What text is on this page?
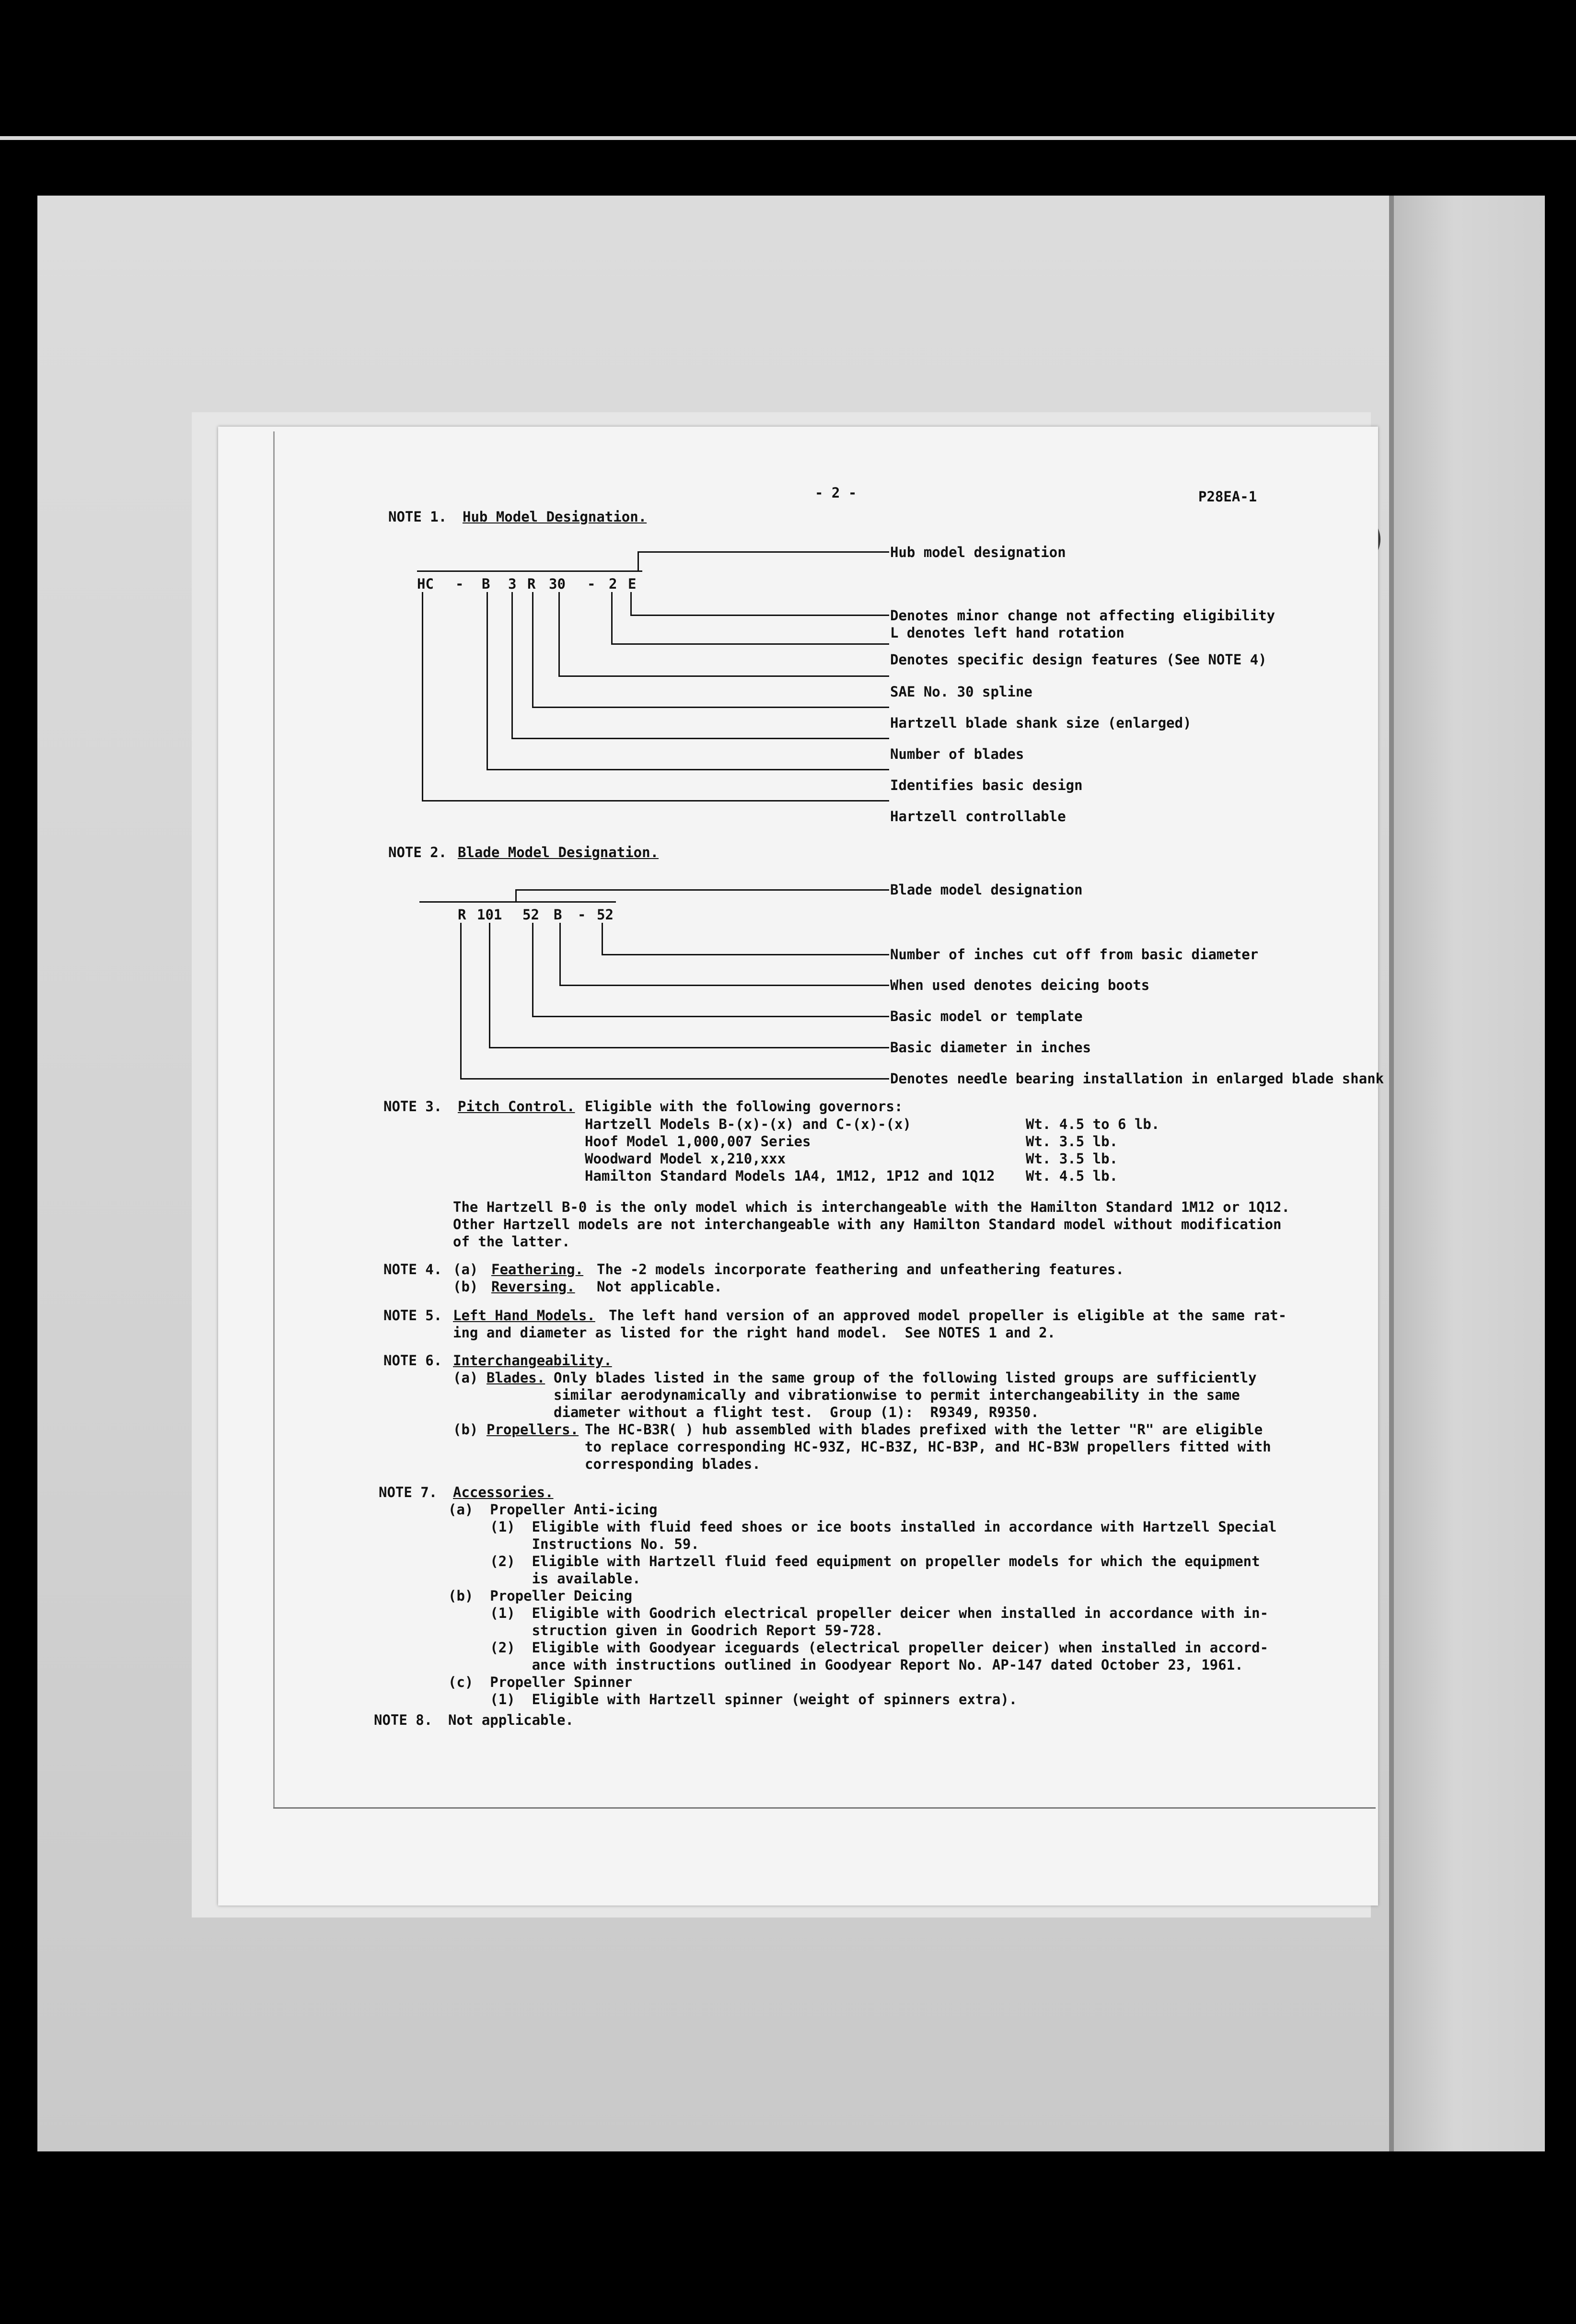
- 2 -	P28EA-1
NOTE 1. Hub Model Designation.
HC - B 3 R 30 - 2 E
Hub model designation
Denotes minor change not affecting eligibility
L denotes left hand rotation
Denotes specific design features (See NOTE 4)
SAE No. 30 spline
Hartzell blade shank size (enlarged)
Number of blades
Identifies basic design
Hartzell controllable
NOTE 2. Blade Model Designation.
R 101 52 B - 52
Blade model designation
Number of inches cut off from basic diameter
When used denotes deicing boots
Basic model or template
Basic diameter in inches
Denotes needle bearing installation in enlarged blade shank
NOTE 3. Pitch Control. Eligible with the following governors:
Hartzell Models B-(x)-(x) and C-(x)-(x)	Wt. 4.5 to 6 lb.
Hoof Model 1,000,007 Series	Wt. 3.5 lb.
Woodward Model x,210,xxx	Wt. 3.5 lb.
Hamilton Standard Models 1A4, 1M12, 1P12 and 1Q12 Wt. 4.5 lb.
The Hartzell B-0 is the only model which is interchangeable with the Hamilton Standard 1M12 or 1Q12.
Other Hartzell models are not interchangeable with any Hamilton Standard model without modification
of the latter.
NOTE 4. (a) Feathering. The -2 models incorporate feathering and unfeathering features.
(b) Reversing. Not applicable.
NOTE 5. Left Hand Models. The left hand version of an approved model propeller is eligible at the same rat-
ing and diameter as listed for the right hand model.  See NOTES 1 and 2.
NOTE 6. Interchangeability.
(a) Blades. Only blades listed in the same group of the following listed groups are sufficiently
similar aerodynamically and vibrationwise to permit interchangeability in the same
diameter without a flight test.  Group (1):  R9349, R9350.
(b) Propellers. The HC-B3R( ) hub assembled with blades prefixed with the letter "R" are eligible
to replace corresponding HC-93Z, HC-B3Z, HC-B3P, and HC-B3W propellers fitted with
corresponding blades.
NOTE 7. Accessories.
(a)  Propeller Anti-icing
(1)  Eligible with fluid feed shoes or ice boots installed in accordance with Hartzell Special
Instructions No. 59.
(2)  Eligible with Hartzell fluid feed equipment on propeller models for which the equipment
is available.
(b)  Propeller Deicing
(1)  Eligible with Goodrich electrical propeller deicer when installed in accordance with in-
struction given in Goodrich Report 59-728.
(2)  Eligible with Goodyear iceguards (electrical propeller deicer) when installed in accord-
ance with instructions outlined in Goodyear Report No. AP-147 dated October 23, 1961.
(c)  Propeller Spinner
(1)  Eligible with Hartzell spinner (weight of spinners extra).
NOTE 8. Not applicable.
